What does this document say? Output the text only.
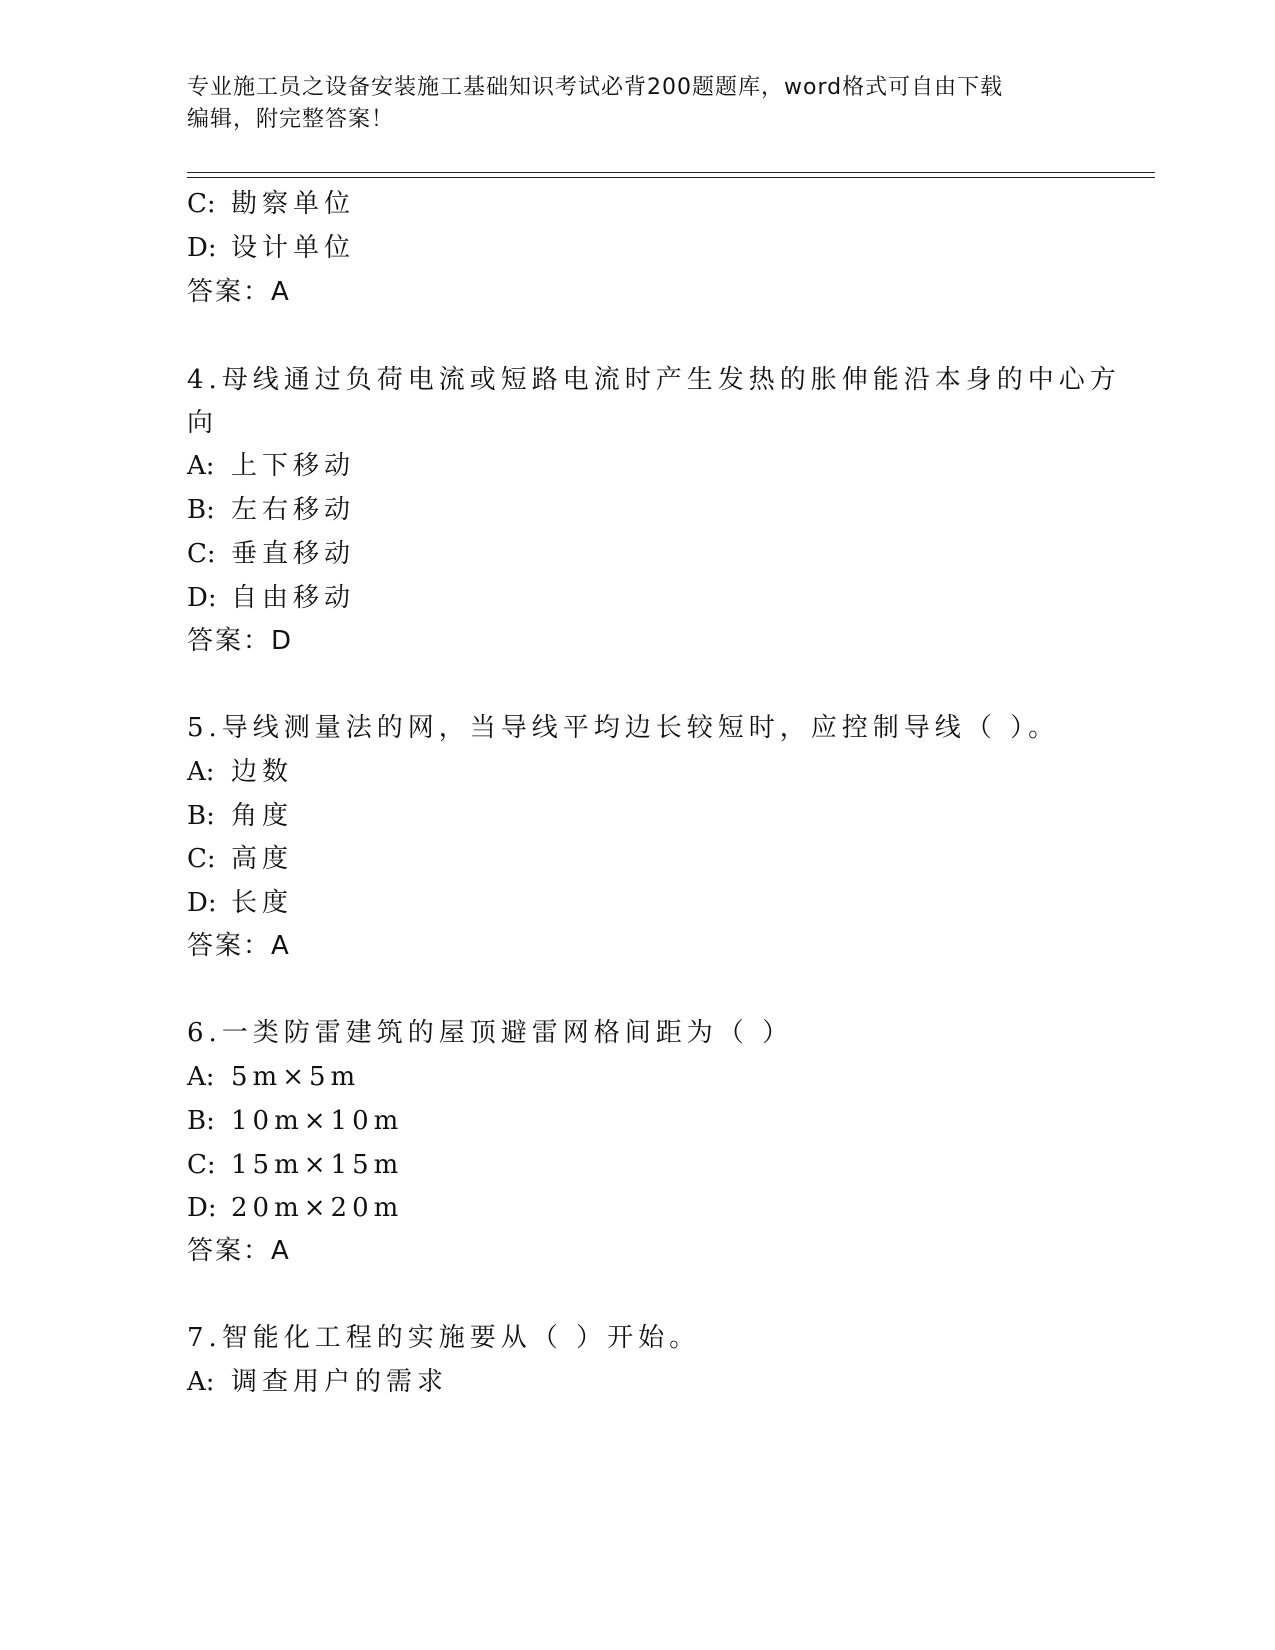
专业施工员之设备安装施工基础知识考试必背200题题库，word格式可自由下载
编辑，附完整答案！
C: 勘察单位
D: 设计单位
答案：A
4.母线通过负荷电流或短路电流时产生发热的胀伸能沿本身的中心方
向
A: 上下移动
B: 左右移动
C: 垂直移动
D: 自由移动
答案：D
5.导线测量法的网，当导线平均边长较短时，应控制导线（ ）。
A: 边数
B: 角度
C: 高度
D: 长度
答案：A
6.一类防雷建筑的屋顶避雷网格间距为（ ）
A: 5m×5m
B: 10m×10m
C: 15m×15m
D: 20m×20m
答案：A
7.智能化工程的实施要从（ ）开始。
A: 调查用户的需求
